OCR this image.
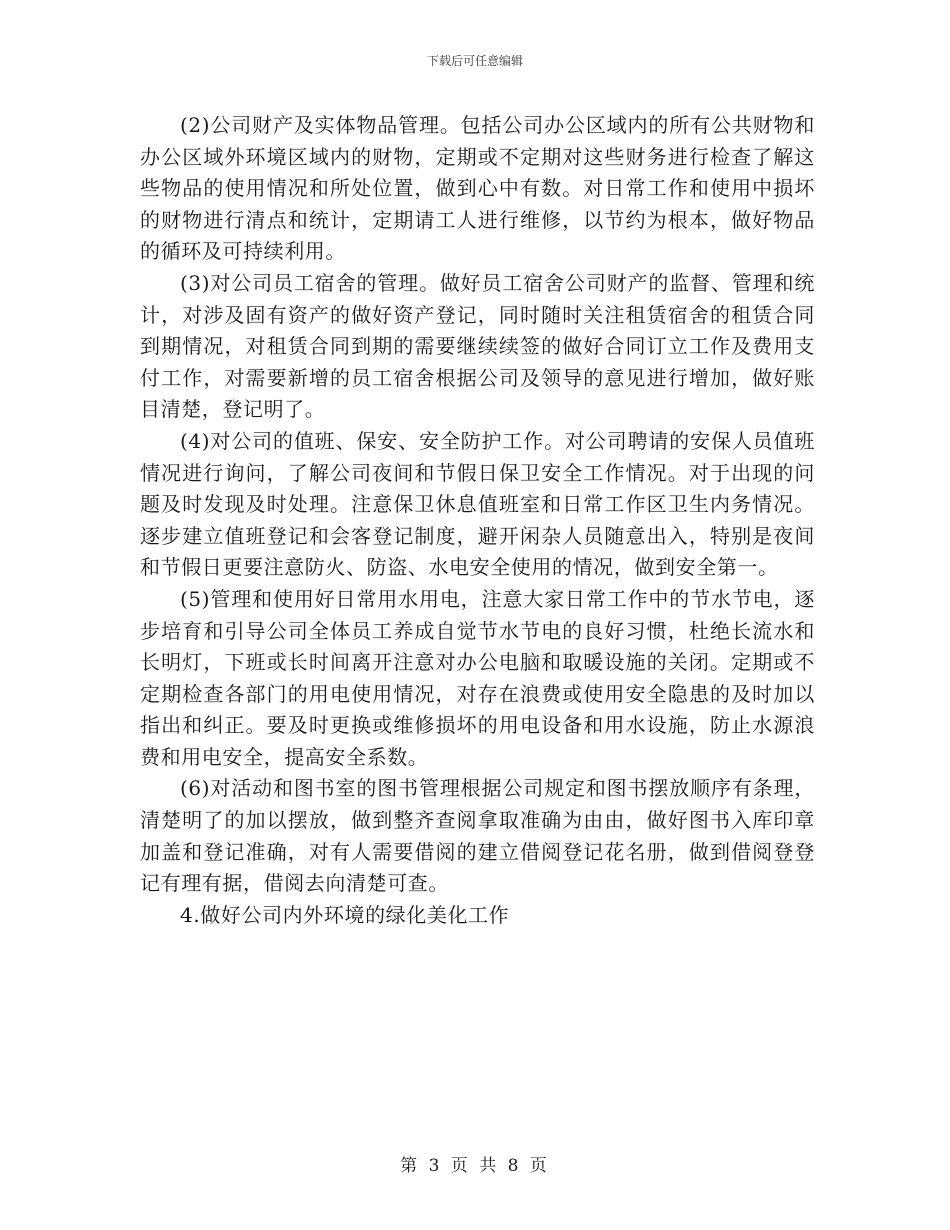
下载后可任意编辑

(2)公司财产及实体物品管理。包括公司办公区域内的所有公共财物和办公区域外环境区域内的财物，定期或不定期对这些财务进行检查了解这些物品的使用情况和所处位置，做到心中有数。对日常工作和使用中损坏的财物进行清点和统计，定期请工人进行维修，以节约为根本，做好物品的循环及可持续利用。

(3)对公司员工宿舍的管理。做好员工宿舍公司财产的监督、管理和统计，对涉及固有资产的做好资产登记，同时随时关注租赁宿舍的租赁合同到期情况，对租赁合同到期的需要继续续签的做好合同订立工作及费用支付工作，对需要新增的员工宿舍根据公司及领导的意见进行增加，做好账目清楚，登记明了。

(4)对公司的值班、保安、安全防护工作。对公司聘请的安保人员值班情况进行询问，了解公司夜间和节假日保卫安全工作情况。对于出现的问题及时发现及时处理。注意保卫休息值班室和日常工作区卫生内务情况。逐步建立值班登记和会客登记制度，避开闲杂人员随意出入，特别是夜间和节假日更要注意防火、防盗、水电安全使用的情况，做到安全第一。

(5)管理和使用好日常用水用电，注意大家日常工作中的节水节电，逐步培育和引导公司全体员工养成自觉节水节电的良好习惯，杜绝长流水和长明灯，下班或长时间离开注意对办公电脑和取暖设施的关闭。定期或不定期检查各部门的用电使用情况，对存在浪费或使用安全隐患的及时加以指出和纠正。要及时更换或维修损坏的用电设备和用水设施，防止水源浪费和用电安全，提高安全系数。

(6)对活动和图书室的图书管理根据公司规定和图书摆放顺序有条理，清楚明了的加以摆放，做到整齐查阅拿取准确为由由，做好图书入库印章加盖和登记准确，对有人需要借阅的建立借阅登记花名册，做到借阅登登记有理有据，借阅去向清楚可查。

4.做好公司内外环境的绿化美化工作

第 3 页 共 8 页
